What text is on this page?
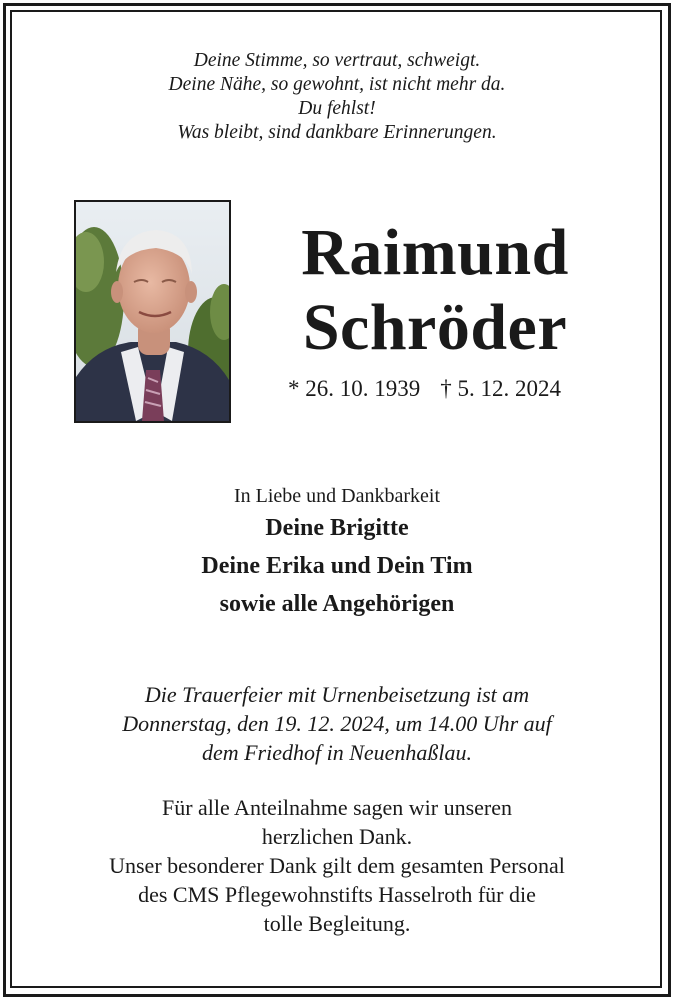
Deine Stimme, so vertraut, schweigt.
Deine Nähe, so gewohnt, ist nicht mehr da.
Du fehlst!
Was bleibt, sind dankbare Erinnerungen.
Raimund
Schröder
* 26. 10. 1939 † 5. 12. 2024
In Liebe und Dankbarkeit
Deine Brigitte
Deine Erika und Dein Tim
sowie alle Angehörigen
Die Trauerfeier mit Urnenbeisetzung ist am
Donnerstag, den 19. 12. 2024, um 14.00 Uhr auf
dem Friedhof in Neuenhaßlau.
Für alle Anteilnahme sagen wir unseren
herzlichen Dank.
Unser besonderer Dank gilt dem gesamten Personal
des CMS Pflegewohnstifts Hasselroth für die
tolle Begleitung.
